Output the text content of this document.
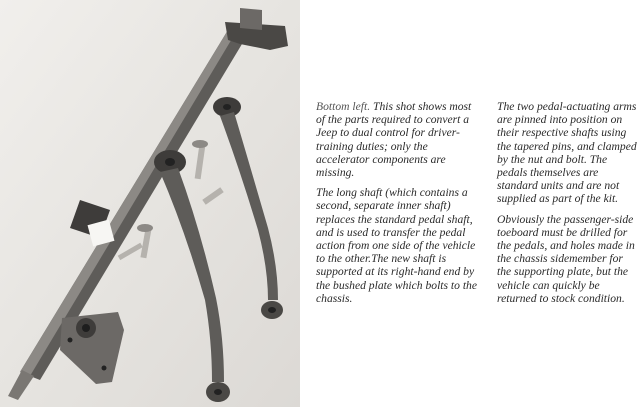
Bottom left. This shot shows most of the parts required to convert a Jeep to dual control for driver-training duties; only the accelerator components are missing.

The long shaft (which contains a second, separate inner shaft) replaces the standard pedal shaft, and is used to transfer the pedal action from one side of the vehicle to the other.The new shaft is supported at its right-hand end by the bushed plate which bolts to the chassis.

The two pedal-actuating arms are pinned into position on their respective shafts using the tapered pins, and clamped by the nut and bolt. The pedals themselves are standard units and are not supplied as part of the kit.

Obviously the passenger-side toeboard must be drilled for the pedals, and holes made in the chassis sidemember for the supporting plate, but the vehicle can quickly be returned to stock condition.
